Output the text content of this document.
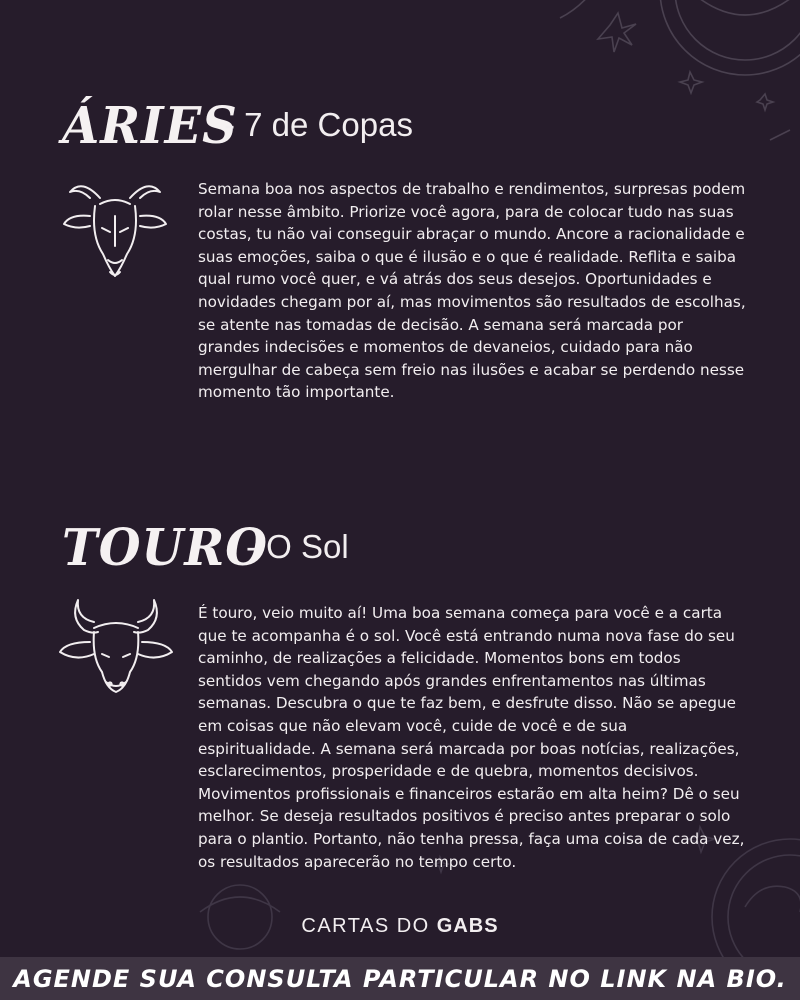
ÁRIES
- 7 de Copas

Semana boa nos aspectos de trabalho e rendimentos, surpresas podem rolar nesse âmbito. Priorize você agora, para de colocar tudo nas suas costas, tu não vai conseguir abraçar o mundo. Ancore a racionalidade e suas emoções, saiba o que é ilusão e o que é realidade. Reflita e saiba qual rumo você quer, e vá atrás dos seus desejos. Oportunidades e novidades chegam por aí, mas movimentos são resultados de escolhas, se atente nas tomadas de decisão. A semana será marcada por grandes indecisões e momentos de devaneios, cuidado para não mergulhar de cabeça sem freio nas ilusões e acabar se perdendo nesse momento tão importante.

TOURO
- O Sol

É touro, veio muito aí! Uma boa semana começa para você e a carta que te acompanha é o sol. Você está entrando numa nova fase do seu caminho, de realizações a felicidade. Momentos bons em todos sentidos vem chegando após grandes enfrentamentos nas últimas semanas. Descubra o que te faz bem, e desfrute disso. Não se apegue em coisas que não elevam você, cuide de você e de sua espiritualidade. A semana será marcada por boas notícias, realizações, esclarecimentos, prosperidade e de quebra, momentos decisivos. Movimentos profissionais e financeiros estarão em alta heim? Dê o seu melhor. Se deseja resultados positivos é preciso antes preparar o solo para o plantio. Portanto, não tenha pressa, faça uma coisa de cada vez, os resultados aparecerão no tempo certo.

CARTAS DO GABS
AGENDE SUA CONSULTA PARTICULAR NO LINK NA BIO.
